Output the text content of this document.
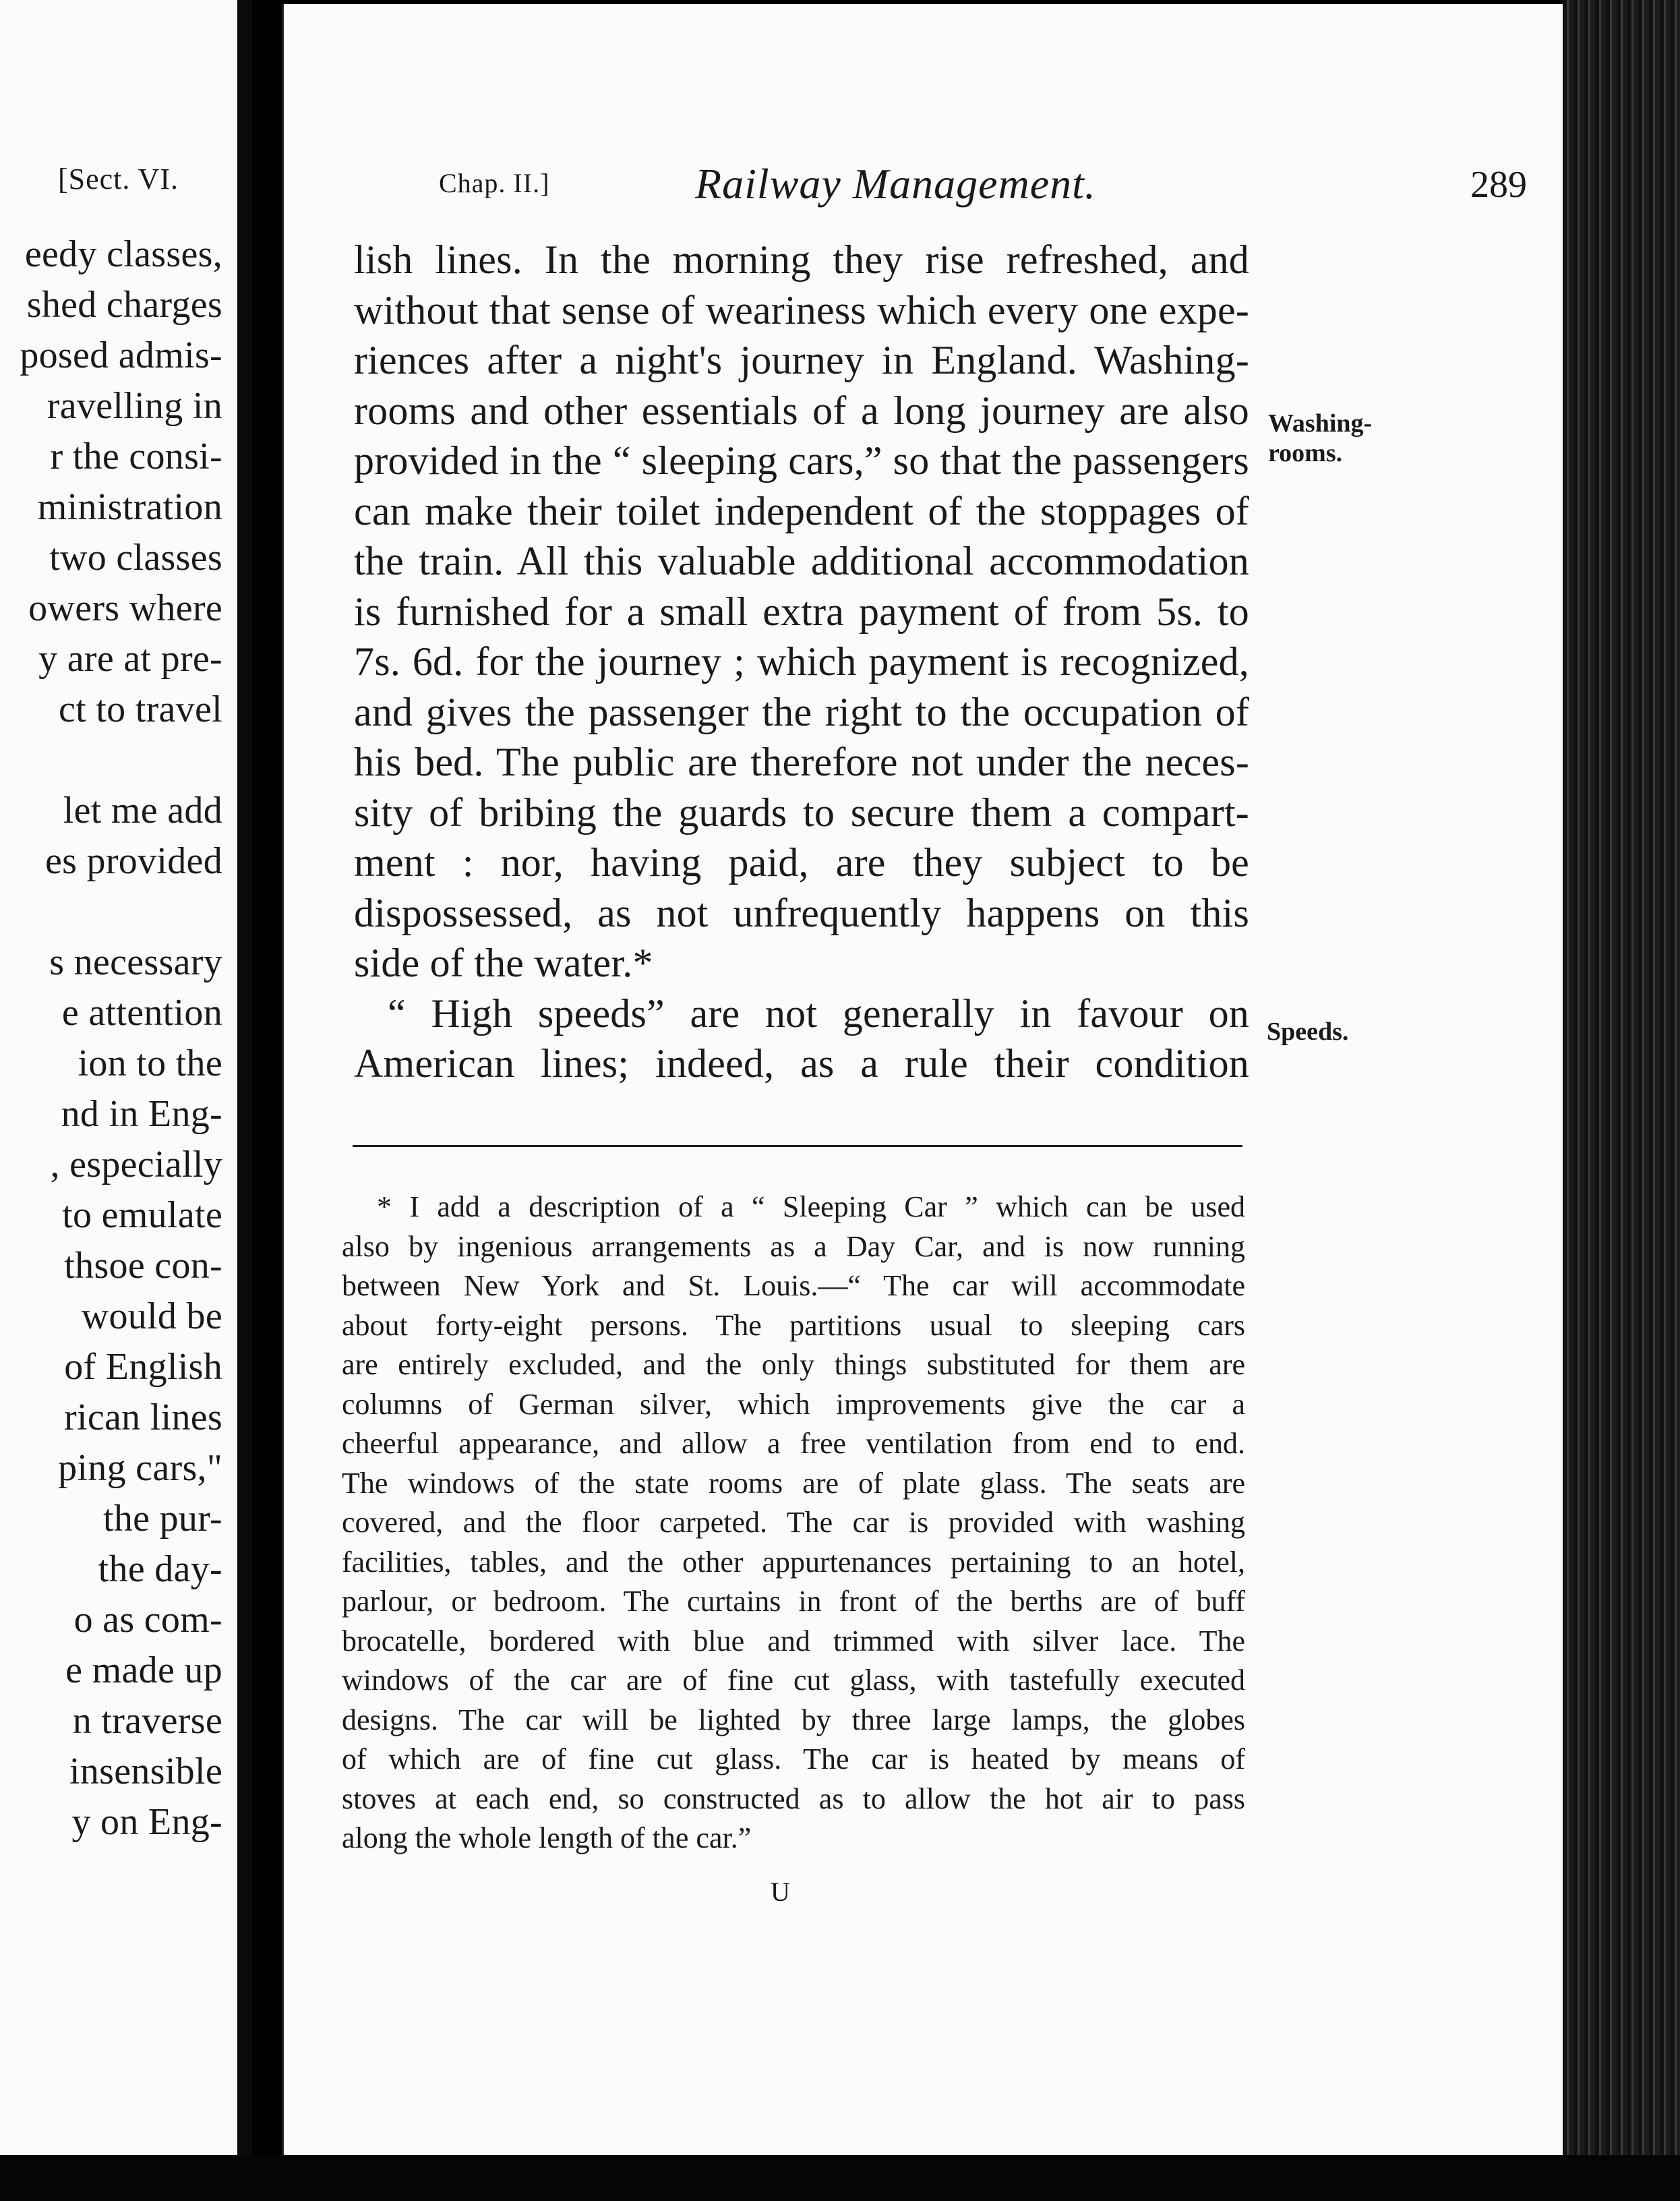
[Sect. VI.
eedy classes,
shed charges
posed admis-
ravelling in
r the consi-
ministration
two classes
owers where
y are at pre-
ct to travel
let me add
es provided
s necessary
e attention
ion to the
nd in Eng-
, especially
to emulate
thsoe con-
would be
of English
rican lines
ping cars,"
the pur-
the day-
o as com-
e made up
n traverse
insensible
y on Eng-
Chap. II.]	Railway Management.	289
lish lines. In the morning they rise refreshed, and
without that sense of weariness which every one expe-
riences after a night's journey in England. Washing-
rooms and other essentials of a long journey are also
provided in the “ sleeping cars,” so that the passengers
can make their toilet independent of the stoppages of
the train. All this valuable additional accommodation
is furnished for a small extra payment of from 5s. to
7s. 6d. for the journey ; which payment is recognized,
and gives the passenger the right to the occupation of
his bed. The public are therefore not under the neces-
sity of bribing the guards to secure them a compart-
ment : nor, having paid, are they subject to be
dispossessed, as not unfrequently happens on this
side of the water.*
“ High speeds” are not generally in favour on
American lines; indeed, as a rule their condition
Washing-
rooms.
Speeds.
* I add a description of a “ Sleeping Car ” which can be used
also by ingenious arrangements as a Day Car, and is now running
between New York and St. Louis.—“ The car will accommodate
about forty-eight persons. The partitions usual to sleeping cars
are entirely excluded, and the only things substituted for them are
columns of German silver, which improvements give the car a
cheerful appearance, and allow a free ventilation from end to end.
The windows of the state rooms are of plate glass. The seats are
covered, and the floor carpeted. The car is provided with washing
facilities, tables, and the other appurtenances pertaining to an hotel,
parlour, or bedroom. The curtains in front of the berths are of buff
brocatelle, bordered with blue and trimmed with silver lace. The
windows of the car are of fine cut glass, with tastefully executed
designs. The car will be lighted by three large lamps, the globes
of which are of fine cut glass. The car is heated by means of
stoves at each end, so constructed as to allow the hot air to pass
along the whole length of the car.”
U
